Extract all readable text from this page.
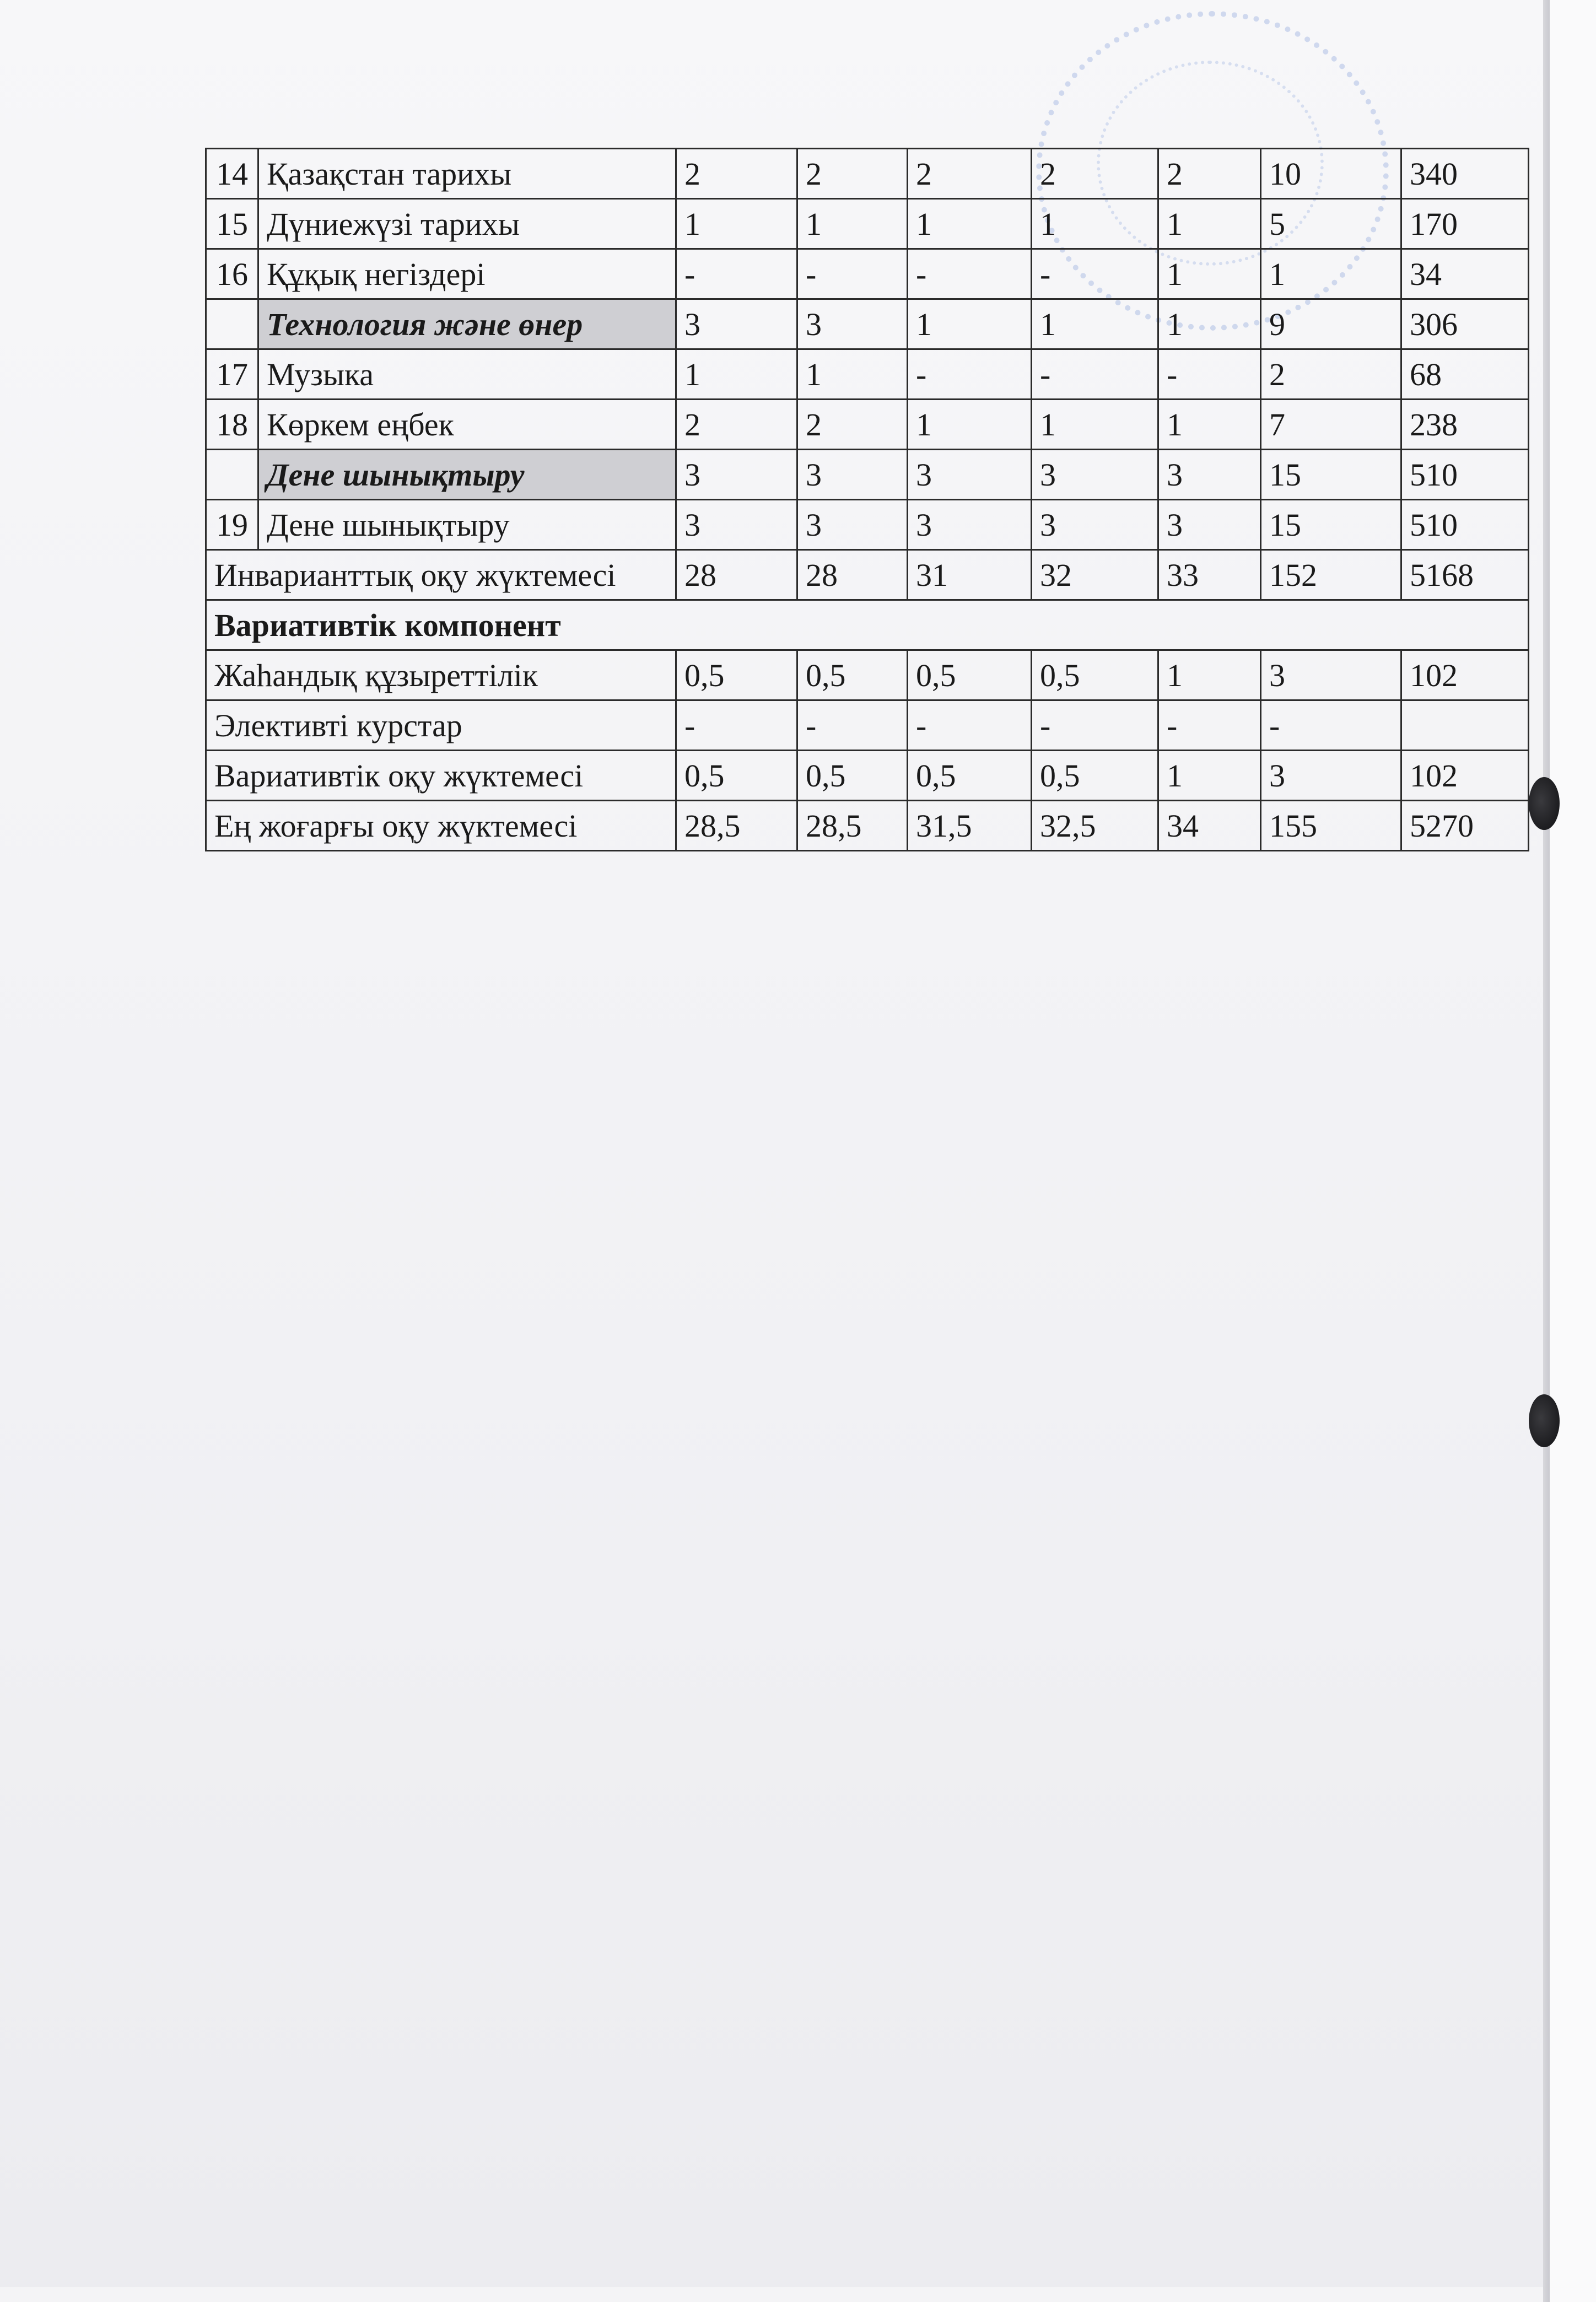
14	Қазақстан тарихы	2	2	2	2	2	10	340
15	Дүниежүзі тарихы	1	1	1	1	1	5	170
16	Құқық негіздері	-	-	-	-	1	1	34
	Технология және өнер	3	3	1	1	1	9	306
17	Музыка	1	1	-	-	-	2	68
18	Көркем еңбек	2	2	1	1	1	7	238
	Дене шынықтыру	3	3	3	3	3	15	510
19	Дене шынықтыру	3	3	3	3	3	15	510
Инварианттық оқу жүктемесі		28	28	31	32	33	152	5168
Вариативтік компонент								
Жаһандық құзыреттілік		0,5	0,5	0,5	0,5	1	3	102
Элективті курстар		-	-	-	-	-	-	
Вариативтік оқу жүктемесі		0,5	0,5	0,5	0,5	1	3	102
Ең жоғарғы оқу жүктемесі		28,5	28,5	31,5	32,5	34	155	5270
